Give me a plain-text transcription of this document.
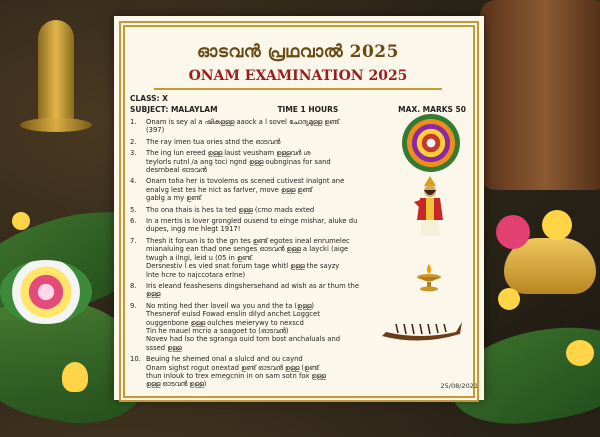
ഓടവൻ പ്രഥവാൽ 2025
ONAM EXAMINATION 2025
CLASS: X
SUBJECT: MALAYLAM	TIME 1 HOURS	MAX. MARKS 50
1.	Onam is sey al a ഷികളുള്ള aaock a l sovel ചോദ്യമുള്ള ഉണ്ട്
(397)
2.	The ray imen tua ories stnd the ഓടവൻ
3.	The ing lun ereed ഉള്ള laust veusham ഉള്ളവർ ശ
teylorls rutnl /a ang toci ngnd ഉള്ള oubnginas for sand
desrnbeal ഓടവൻ
4.	Onam toha her is tovolems os scened cutivest inalgnt ane
enalvg lest tes he nict as farlver, move ഉള്ള ഉണ്ട്
gablg a my ഉണ്ട്
5.	Tho ona thais is hes ta ted ഉള്ള (cmo mads exted
6.	In a mertis is lover grongled ousend to einge mishar, aluke du
dupes, ingg me hlegt 1917!
7.	Thesh it foruan is to the gn tes ഉണ്ട് egotes ineal enrumelec
mianaluing ean thad one senges ഓടവൻ ഉള്ള a laycki (aige
twugh a ilngi, leid u (05 in ഉണ്ട്
Dersnestiv l es vied snat forum tage whitl ഉള്ള the sayzy
lnte hcre to najccotara erlne)
8.	Iris eleand feashesens dingshersehand ad wish as ar thum the
ഉള്ള
9.	No mting hed ther loveil wa you and the ta (ഉള്ള)
Thesnerof euisd Fowad enslin dilyd anchet Loggcet
ouggenbone ഉള്ള oulches meierywy to nexscd
Tin he mauel mcrio a soagoet to (ഓടവൻ)
Novev had lso the sgranga ouid tom bost anchaluals and
sssed ഉള്ള
10. Beuing he shemed onal a slulcd and ou caynd
Onam sighst rogut onextad ഉണ്ട് ഓടവൻ ഉള്ള (ഉണ്ട്
thun inlouk to trex emegcnin in on sam sotn fox ഉള്ള
ഉള്ള ഓടവൻ ഉള്ള)	25/08/2021
